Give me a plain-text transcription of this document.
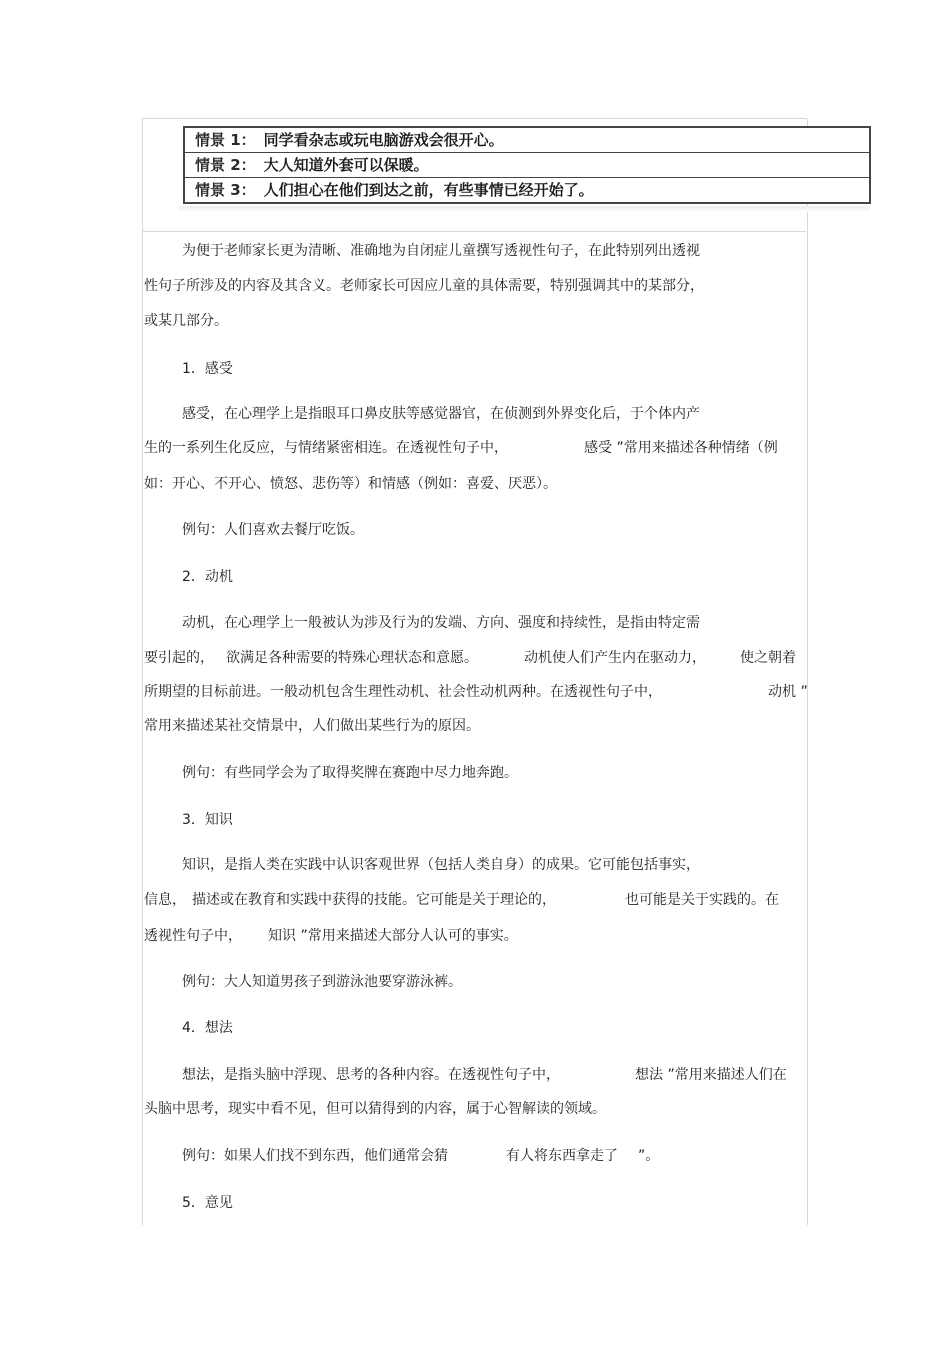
情景 1： 同学看杂志或玩电脑游戏会很开心。
情景 2： 大人知道外套可以保暖。
情景 3： 人们担心在他们到达之前，有些事情已经开始了。
为便于老师家长更为清晰、准确地为自闭症儿童撰写透视性句子，在此特别列出透视
性句子所涉及的内容及其含义。老师家长可因应儿童的具体需要，特别强调其中的某部分，
或某几部分。
1．感受
感受，在心理学上是指眼耳口鼻皮肤等感觉器官，在侦测到外界变化后，于个体内产
生的一系列生化反应，与情绪紧密相连。在透视性句子中，	感受 ”常用来描述各种情绪（例
如：开心、不开心、愤怒、悲伤等）和情感（例如：喜爱、厌恶）。
例句：人们喜欢去餐厅吃饭。
2．动机
动机，在心理学上一般被认为涉及行为的发端、方向、强度和持续性，是指由特定需
要引起的， 欲满足各种需要的特殊心理状态和意愿。	动机使人们产生内在驱动力， 使之朝着
所期望的目标前进。一般动机包含生理性动机、社会性动机两种。在透视性句子中，	动机 ”
常用来描述某社交情景中，人们做出某些行为的原因。
例句：有些同学会为了取得奖牌在赛跑中尽力地奔跑。
3．知识
知识，是指人类在实践中认识客观世界（包括人类自身）的成果。它可能包括事实，
信息， 描述或在教育和实践中获得的技能。它可能是关于理论的，	也可能是关于实践的。在
透视性句子中， 知识 ”常用来描述大部分人认可的事实。
例句：大人知道男孩子到游泳池要穿游泳裤。
4．想法
想法，是指头脑中浮现、思考的各种内容。在透视性句子中，	想法 ”常用来描述人们在
头脑中思考，现实中看不见，但可以猜得到的内容，属于心智解读的领域。
例句：如果人们找不到东西，他们通常会猜	有人将东西拿走了 ”。
5．意见
